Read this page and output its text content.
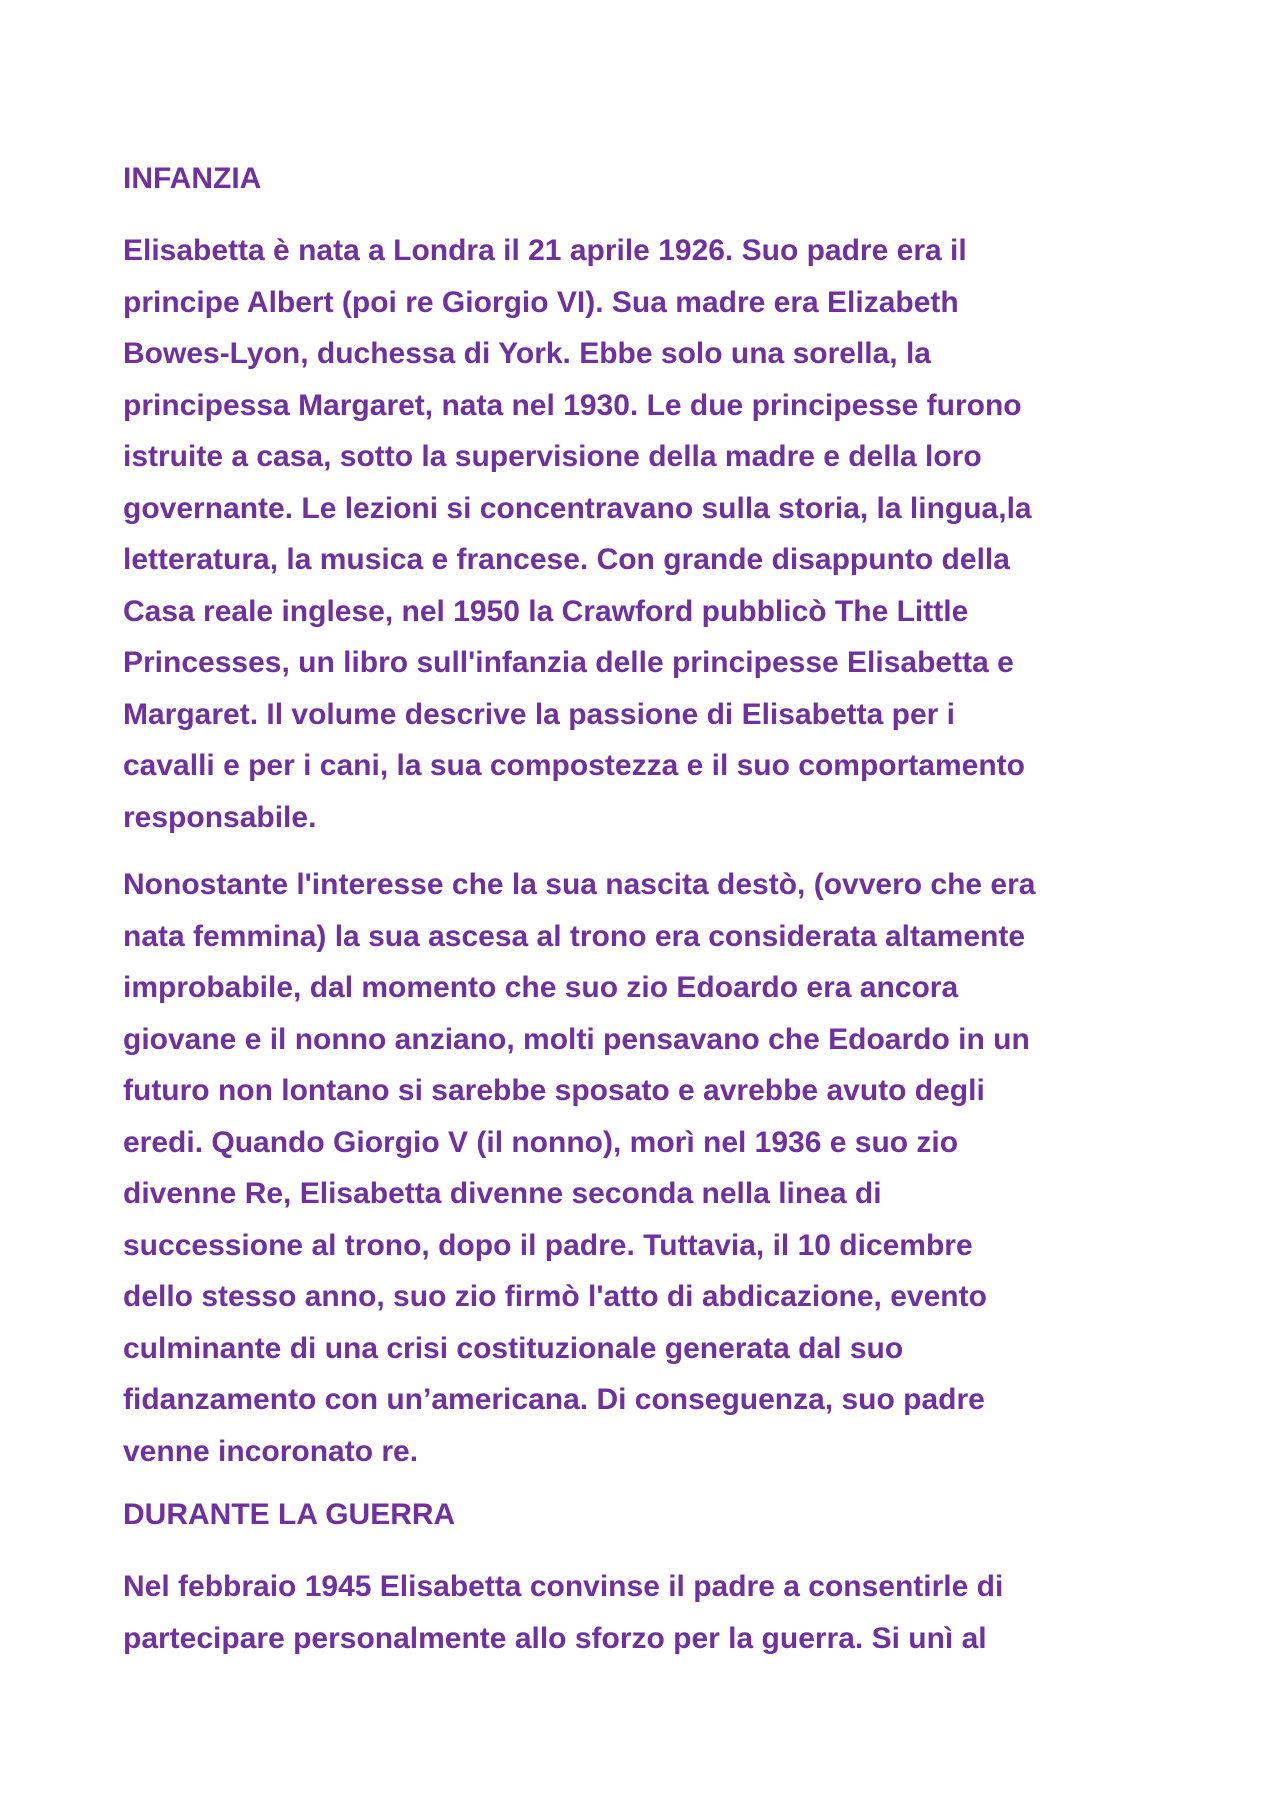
INFANZIA

Elisabetta è nata a Londra il 21 aprile 1926. Suo padre era il
principe Albert (poi re Giorgio VI). Sua madre era Elizabeth
Bowes-Lyon, duchessa di York. Ebbe solo una sorella, la
principessa Margaret, nata nel 1930. Le due principesse furono
istruite a casa, sotto la supervisione della madre e della loro
governante. Le lezioni si concentravano sulla storia, la lingua,la
letteratura, la musica e francese. Con grande disappunto della
Casa reale inglese, nel 1950 la Crawford pubblicò The Little
Princesses, un libro sull'infanzia delle principesse Elisabetta e
Margaret. Il volume descrive la passione di Elisabetta per i
cavalli e per i cani, la sua compostezza e il suo comportamento
responsabile.

Nonostante l'interesse che la sua nascita destò, (ovvero che era
nata femmina) la sua ascesa al trono era considerata altamente
improbabile, dal momento che suo zio Edoardo era ancora
giovane e il nonno anziano, molti pensavano che Edoardo in un
futuro non lontano si sarebbe sposato e avrebbe avuto degli
eredi. Quando Giorgio V (il nonno), morì nel 1936 e suo zio
divenne Re, Elisabetta divenne seconda nella linea di
successione al trono, dopo il padre. Tuttavia, il 10 dicembre
dello stesso anno, suo zio firmò l'atto di abdicazione, evento
culminante di una crisi costituzionale generata dal suo
fidanzamento con un’americana. Di conseguenza, suo padre
venne incoronato re.

DURANTE LA GUERRA

Nel febbraio 1945 Elisabetta convinse il padre a consentirle di
partecipare personalmente allo sforzo per la guerra. Si unì al
